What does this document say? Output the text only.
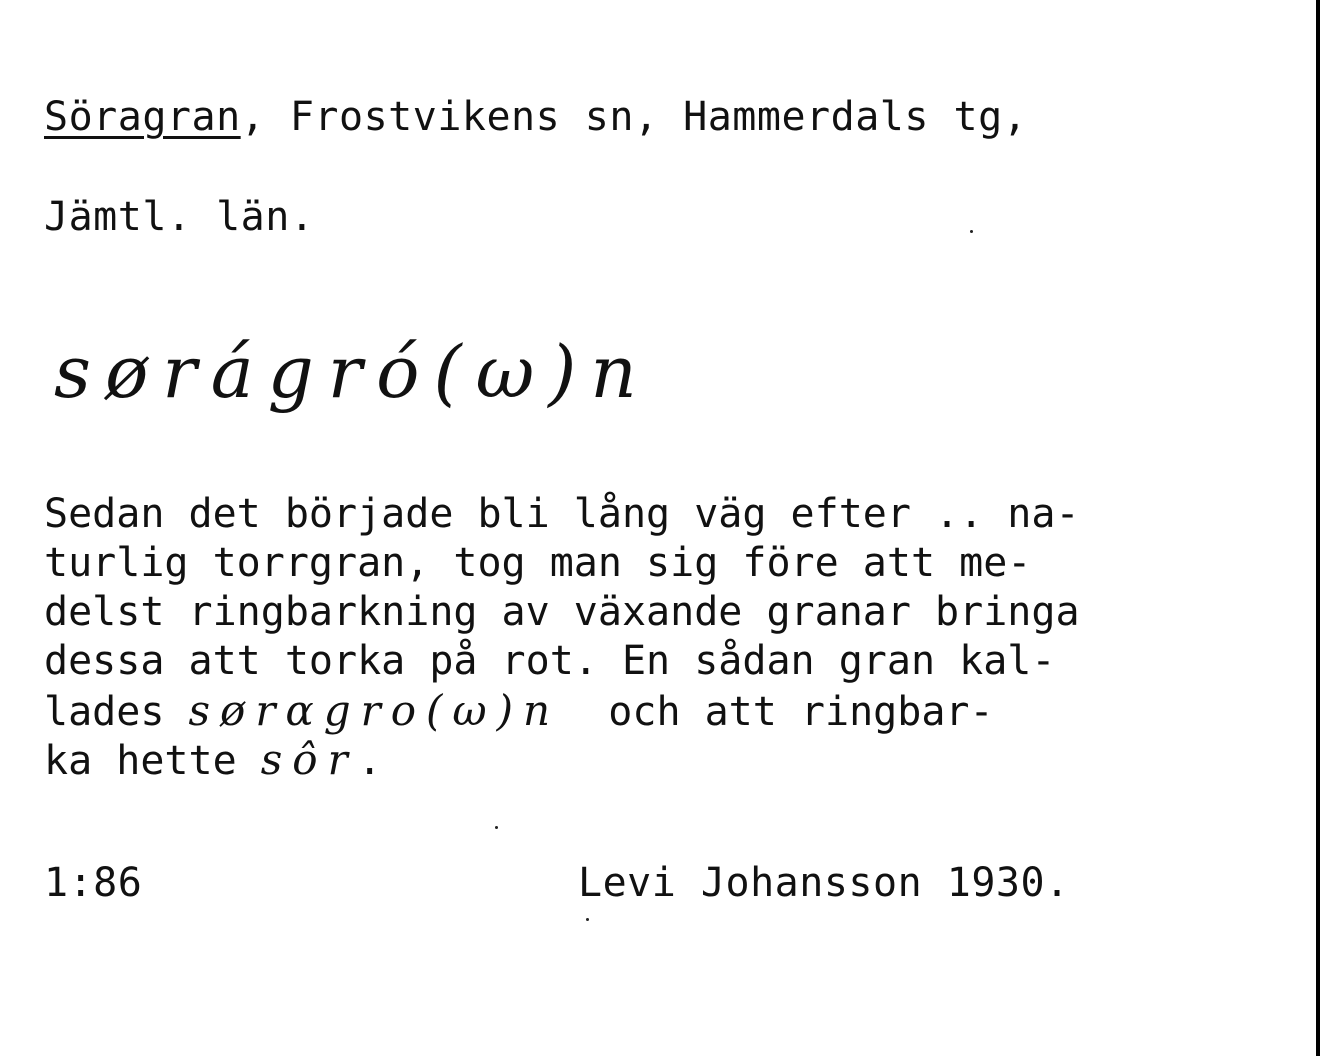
Söragran, Frostvikens sn, Hammerdals tg,
Jämtl. län.
sørágró(ω)n
Sedan det började bli lång väg efter .. na-
turlig torrgran, tog man sig före att me-
delst ringbarkning av växande granar bringa
dessa att torka på rot. En sådan gran kal-
lades sørαgro(ω)n  och att ringbar-
ka hette sôr.
1:86	Levi Johansson 1930.
